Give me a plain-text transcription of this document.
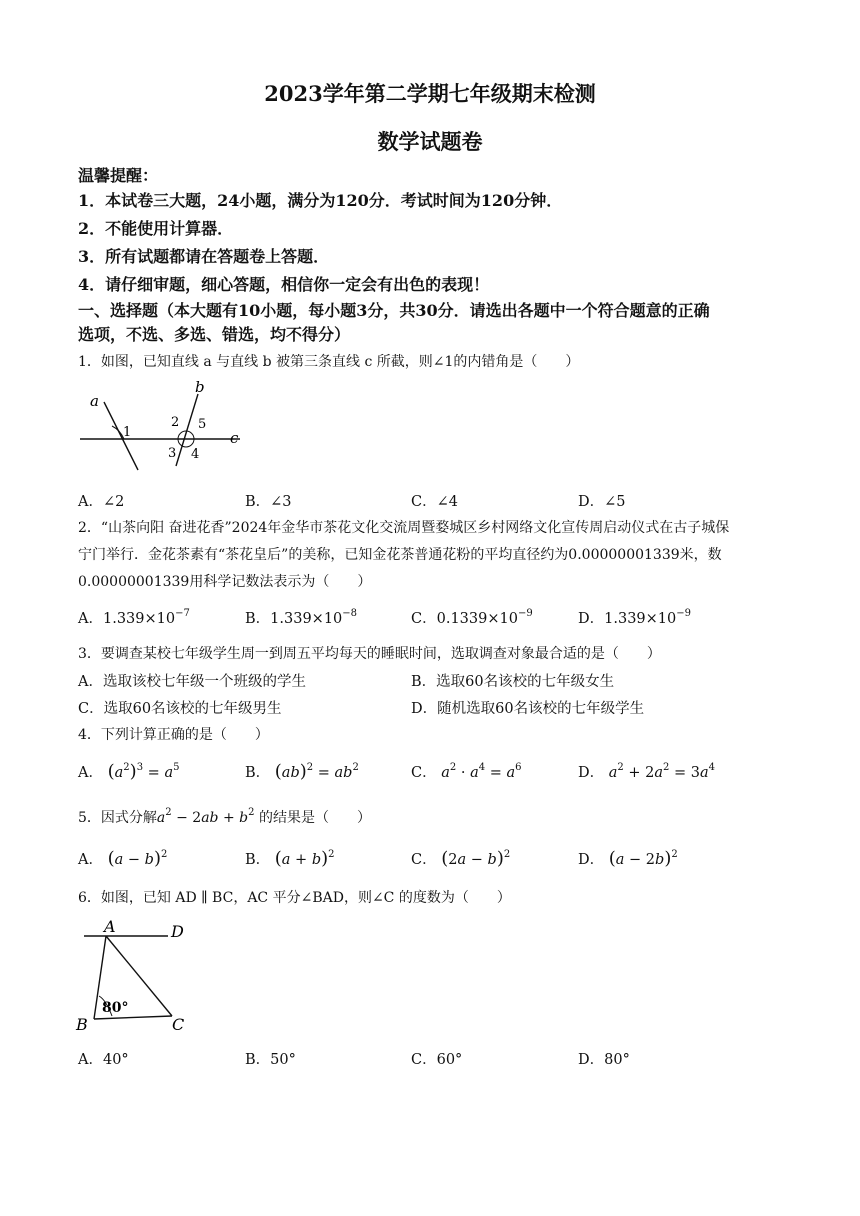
2023学年第二学期七年级期末检测
数学试题卷
温馨提醒：
1．本试卷三大题，24小题，满分为120分．考试时间为120分钟．
2．不能使用计算器．
3．所有试题都请在答题卷上答题．
4．请仔细审题，细心答题，相信你一定会有出色的表现！
一、选择题（本大题有10小题，每小题3分，共30分．请选出各题中一个符合题意的正确
选项，不选、多选、错选，均不得分）
1．如图，已知直线 a 与直线 b 被第三条直线 c 所截，则∠1的内错角是（　　）
a
b
c
1
2 5
3 4
A．∠2	B．∠3	C．∠4	D．∠5
2．“山茶向阳 奋进花香”2024年金华市茶花文化交流周暨婺城区乡村网络文化宣传周启动仪式在古子城保
宁门举行．金花茶素有“茶花皇后”的美称，已知金花茶普通花粉的平均直径约为0.00000001339米，数
0.00000001339用科学记数法表示为（　　）
A．$1.339\times 10^{-7}$	B．$1.339\times 10^{-8}$	C．$0.1339\times 10^{-9}$	D．$1.339\times 10^{-9}$
3．要调查某校七年级学生周一到周五平均每天的睡眠时间，选取调查对象最合适的是（　　）
A．选取该校七年级一个班级的学生	B．选取60名该校的七年级女生
C．选取60名该校的七年级男生	D．随机选取60名该校的七年级学生
4．下列计算正确的是（　　）
A． $(a^2)^3 = a^5$	B． $(ab)^2 = ab^2$	C． $a^2 \cdot a^4 = a^6$	D． $a^2 + 2a^2 = 3a^4$
5．因式分解$a^2 - 2ab + b^2$ 的结果是（　　）
A． $(a - b)^2$	B． $(a + b)^2$	C． $(2a - b)^2$	D． $(a - 2b)^2$
6．如图，已知 AD ∥ BC，AC 平分∠BAD，则∠C 的度数为（　　）
A	D
B	C
80°
A．40°	B．50°	C．60°	D．80°
